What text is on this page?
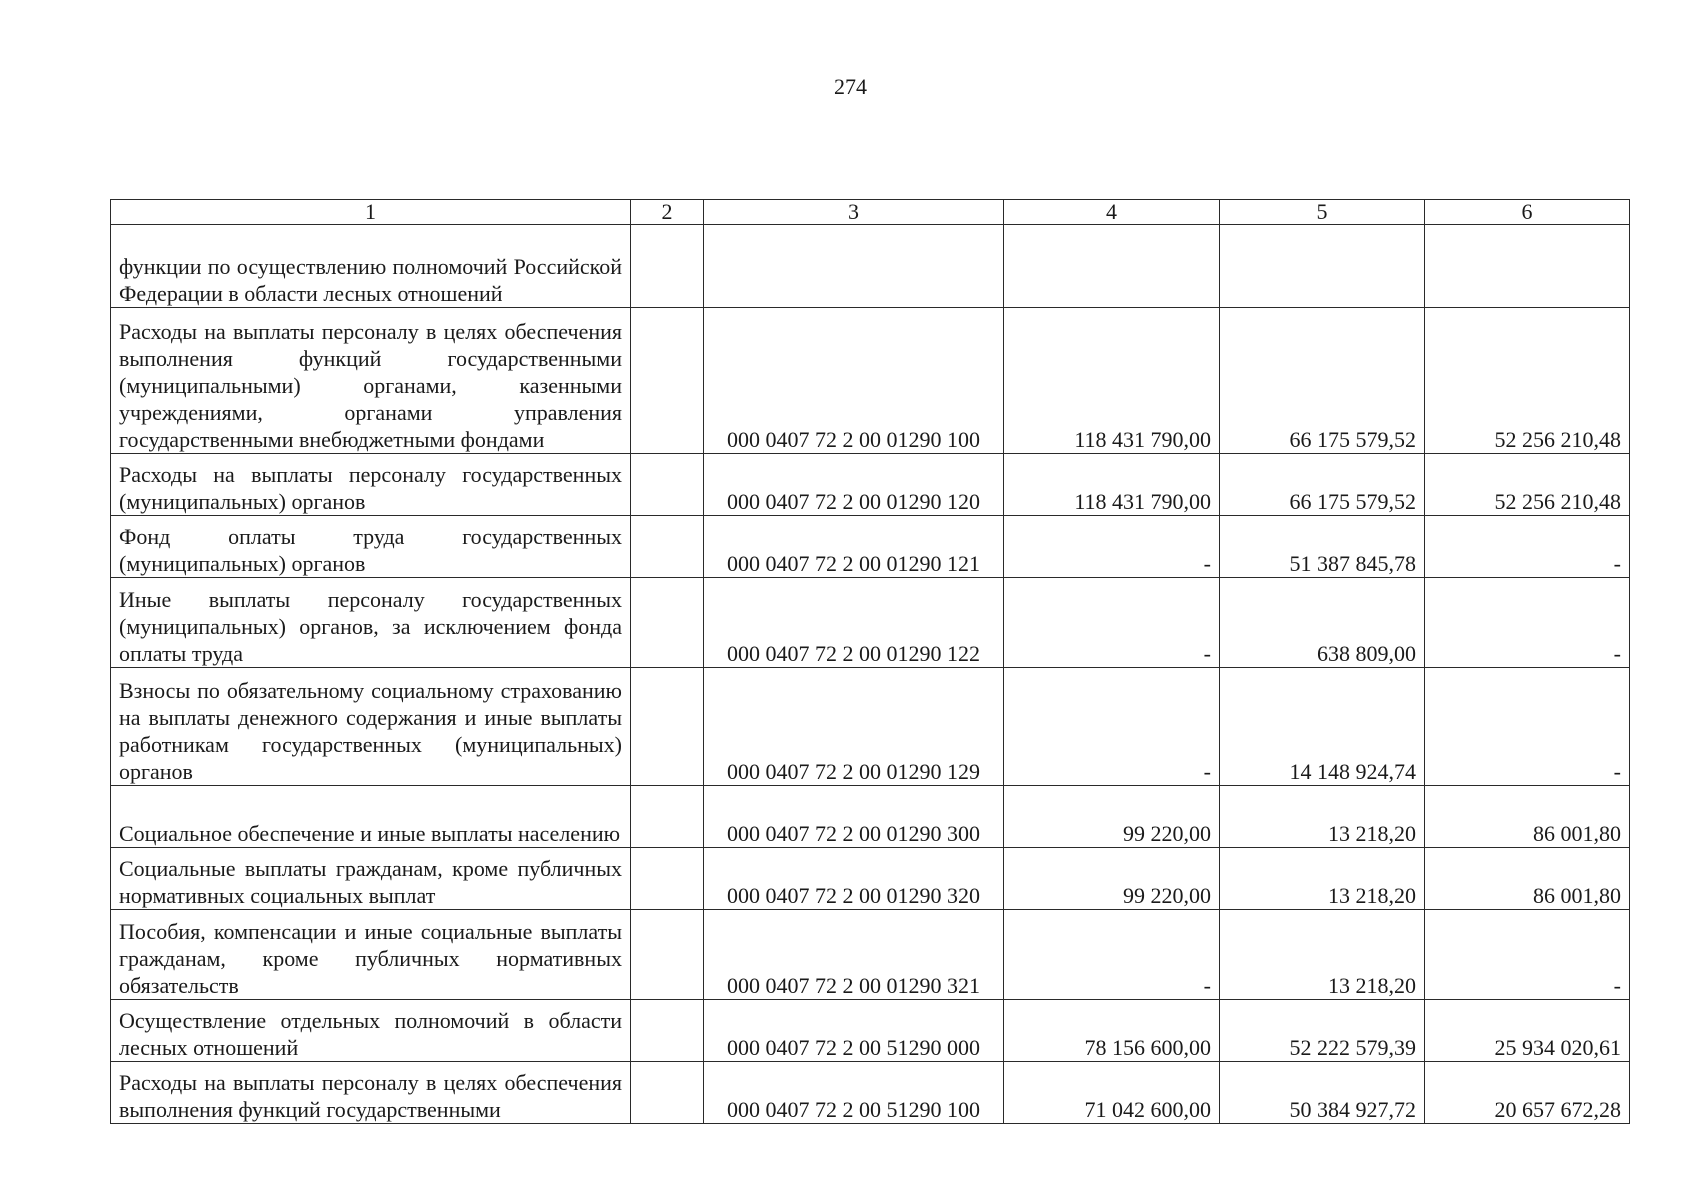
274
1	2	3	4	5	6
функции по осуществлению полномочий Российской Федерации в области лесных отношений					
Расходы на выплаты персоналу в целях обеспечения выполнения функций государственными (муниципальными) органами, казенными учреждениями, органами управления государственными внебюджетными фондами		000 0407 72 2 00 01290 100	118 431 790,00	66 175 579,52	52 256 210,48
Расходы на выплаты персоналу государственных (муниципальных) органов		000 0407 72 2 00 01290 120	118 431 790,00	66 175 579,52	52 256 210,48
Фонд оплаты труда государственных (муниципальных) органов		000 0407 72 2 00 01290 121	-	51 387 845,78	-
Иные выплаты персоналу государственных (муниципальных) органов, за исключением фонда оплаты труда		000 0407 72 2 00 01290 122	-	638 809,00	-
Взносы по обязательному социальному страхованию на выплаты денежного содержания и иные выплаты работникам государственных (муниципальных) органов		000 0407 72 2 00 01290 129	-	14 148 924,74	-
Социальное обеспечение и иные выплаты населению		000 0407 72 2 00 01290 300	99 220,00	13 218,20	86 001,80
Социальные выплаты гражданам, кроме публичных нормативных социальных выплат		000 0407 72 2 00 01290 320	99 220,00	13 218,20	86 001,80
Пособия, компенсации и иные социальные выплаты гражданам, кроме публичных нормативных обязательств		000 0407 72 2 00 01290 321	-	13 218,20	-
Осуществление отдельных полномочий в области лесных отношений		000 0407 72 2 00 51290 000	78 156 600,00	52 222 579,39	25 934 020,61
Расходы на выплаты персоналу в целях обеспечения выполнения функций государственными		000 0407 72 2 00 51290 100	71 042 600,00	50 384 927,72	20 657 672,28
